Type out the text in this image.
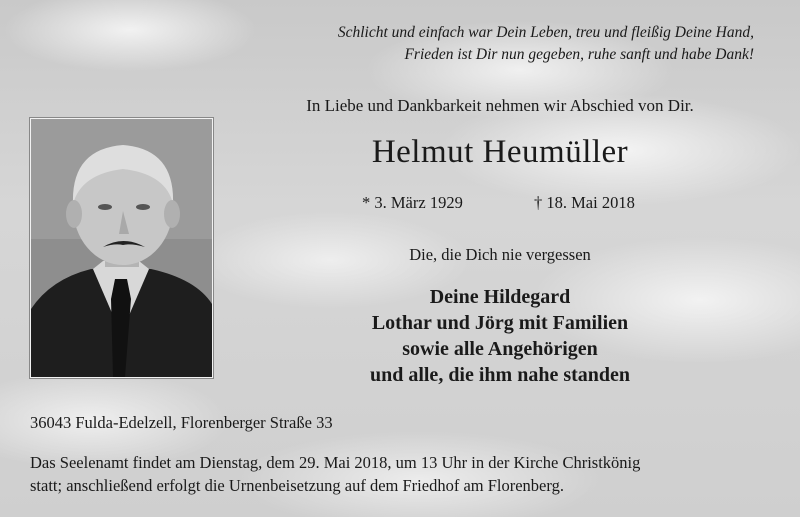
Schlicht und einfach war Dein Leben, treu und fleißig Deine Hand,
Frieden ist Dir nun gegeben, ruhe sanft und habe Dank!
In Liebe und Dankbarkeit nehmen wir Abschied von Dir.
Helmut Heumüller
* 3. März 1929	† 18. Mai 2018
Die, die Dich nie vergessen
Deine Hildegard
Lothar und Jörg mit Familien
sowie alle Angehörigen
und alle, die ihm nahe standen
36043 Fulda-Edelzell, Florenberger Straße 33
Das Seelenamt findet am Dienstag, dem 29. Mai 2018, um 13 Uhr in der Kirche Christkönig
statt; anschließend erfolgt die Urnenbeisetzung auf dem Friedhof am Florenberg.
